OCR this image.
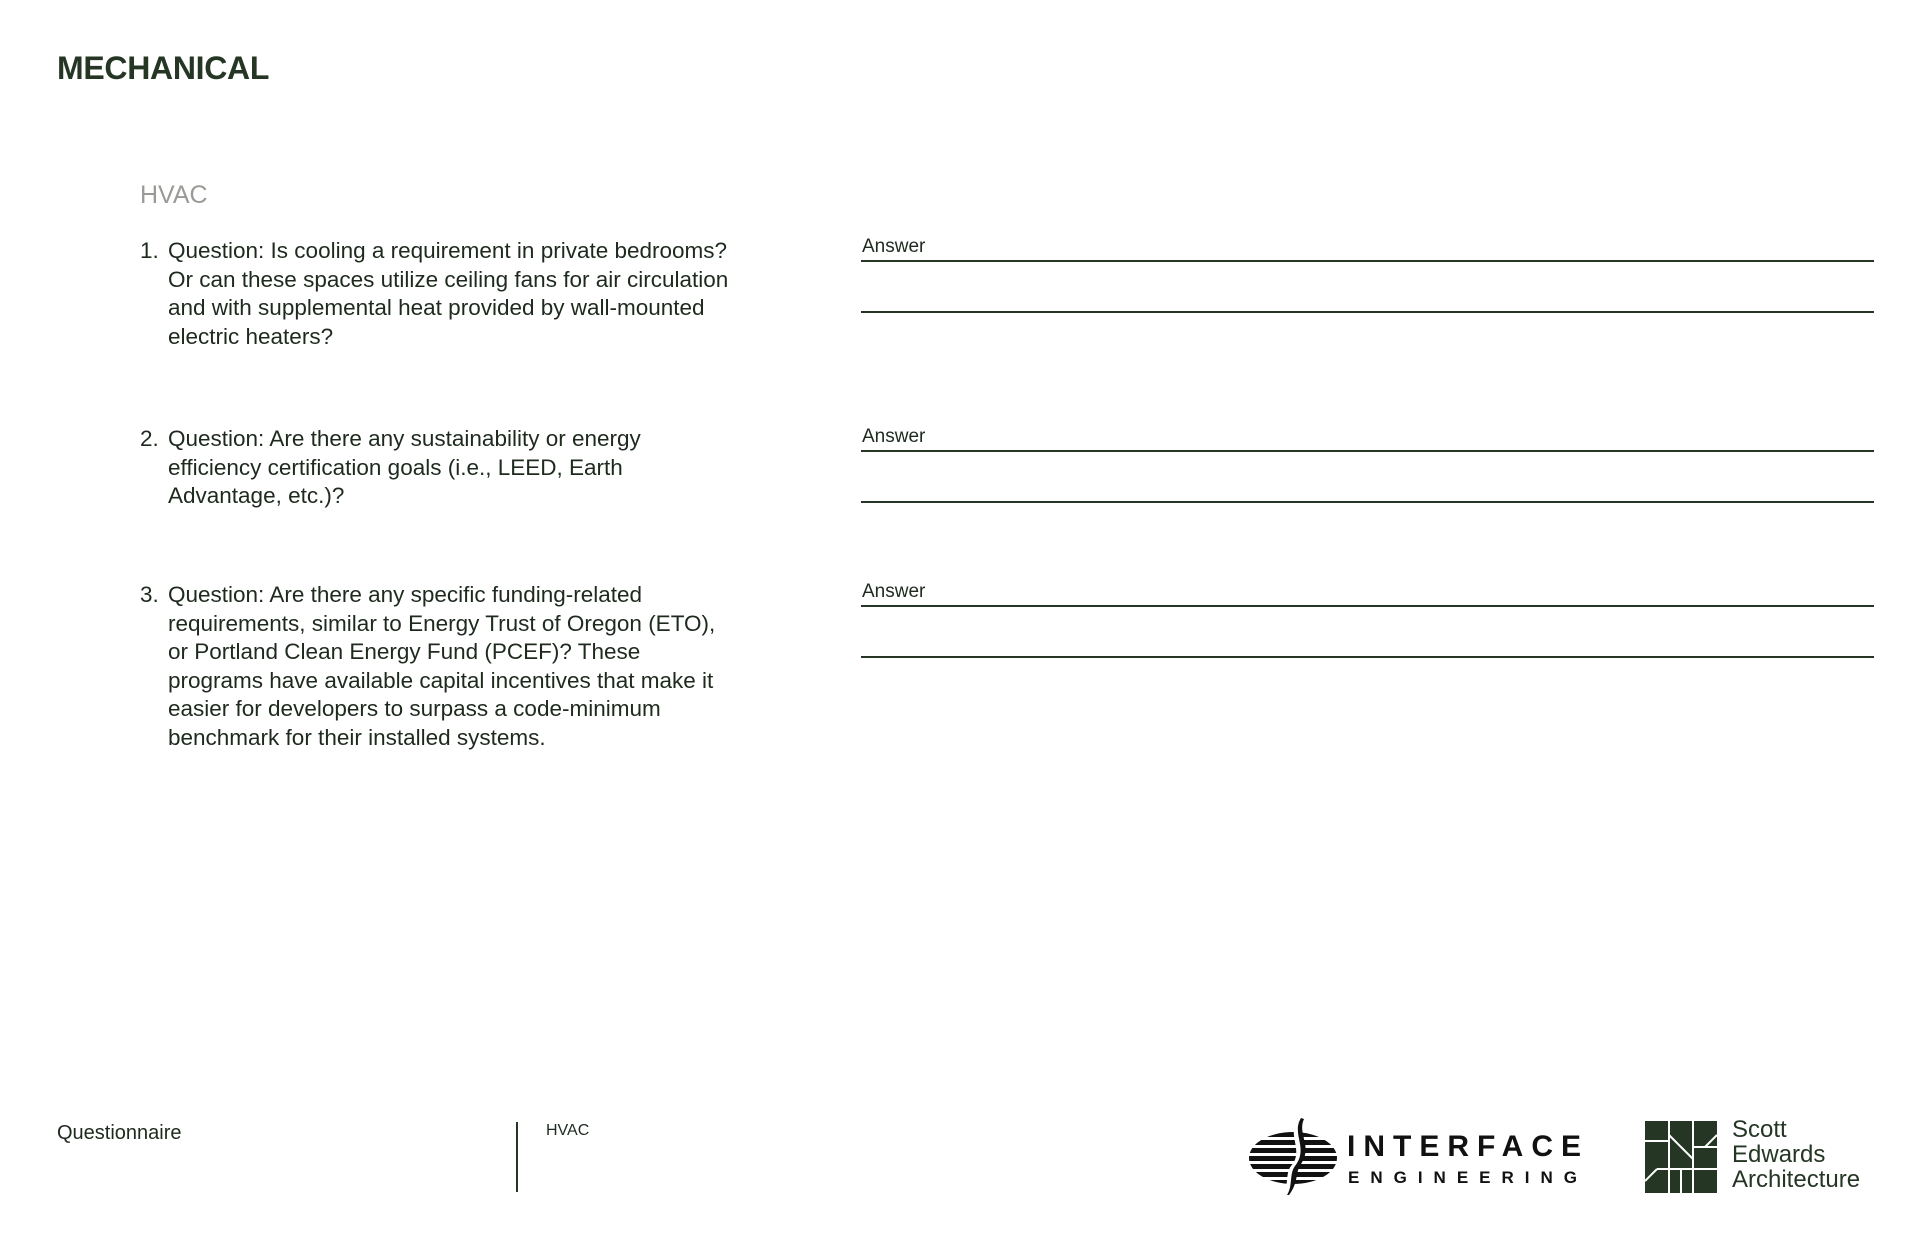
MECHANICAL
HVAC
1. Question: Is cooling a requirement in private bedrooms? Or can these spaces utilize ceiling fans for air circulation and with supplemental heat provided by wall-mounted electric heaters?
Answer
2. Question: Are there any sustainability or energy efficiency certification goals (i.e., LEED, Earth Advantage, etc.)?
Answer
3. Question: Are there any specific funding-related requirements, similar to Energy Trust of Oregon (ETO), or Portland Clean Energy Fund (PCEF)? These programs have available capital incentives that make it easier for developers to surpass a code-minimum benchmark for their installed systems.
Answer
Questionnaire	HVAC	INTERFACE
ENGINEERING
Scott
Edwards
Architecture
